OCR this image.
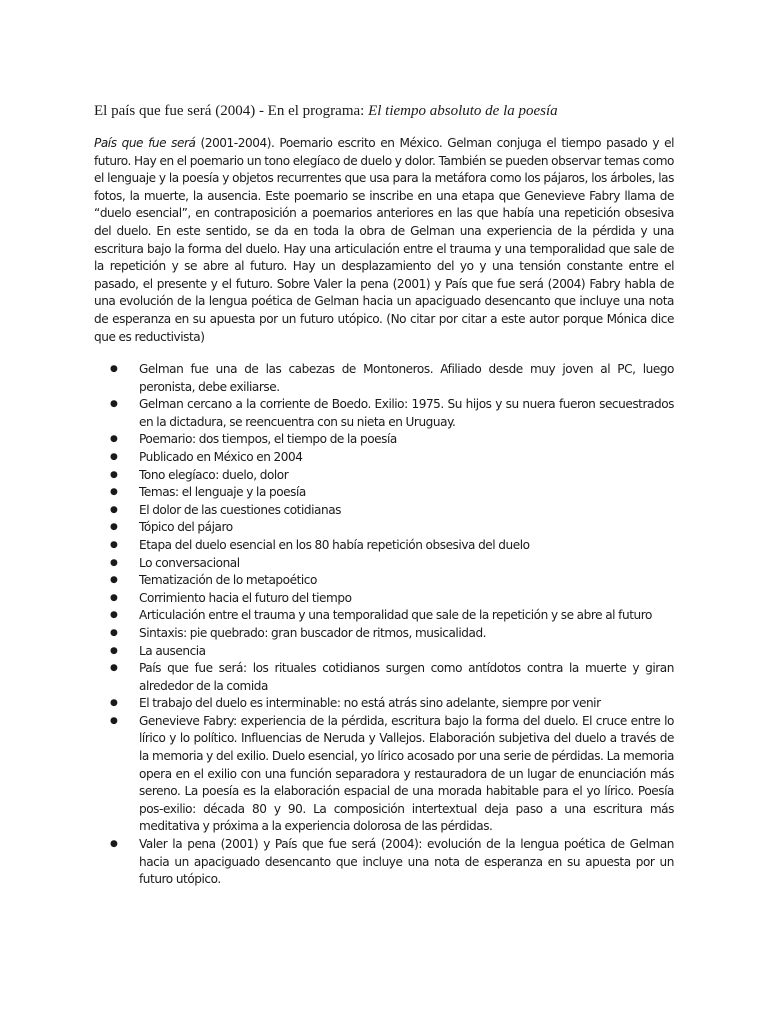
El país que fue será (2004) - En el programa: El tiempo absoluto de la poesía

País que fue será (2001-2004). Poemario escrito en México. Gelman conjuga el tiempo pasado y el futuro. Hay en el poemario un tono elegíaco de duelo y dolor. También se pueden observar temas como el lenguaje y la poesía y objetos recurrentes que usa para la metáfora como los pájaros, los árboles, las fotos, la muerte, la ausencia. Este poemario se inscribe en una etapa que Genevieve Fabry llama de “duelo esencial”, en contraposición a poemarios anteriores en las que había una repetición obsesiva del duelo. En este sentido, se da en toda la obra de Gelman una experiencia de la pérdida y una escritura bajo la forma del duelo. Hay una articulación entre el trauma y una temporalidad que sale de la repetición y se abre al futuro. Hay un desplazamiento del yo y una tensión constante entre el pasado, el presente y el futuro. Sobre Valer la pena (2001) y País que fue será (2004) Fabry habla de una evolución de la lengua poética de Gelman hacia un apaciguado desencanto que incluye una nota de esperanza en su apuesta por un futuro utópico. (No citar por citar a este autor porque Mónica dice que es reductivista)

● Gelman fue una de las cabezas de Montoneros. Afiliado desde muy joven al PC, luego peronista, debe exiliarse.
● Gelman cercano a la corriente de Boedo. Exilio: 1975. Su hijos y su nuera fueron secuestrados en la dictadura, se reencuentra con su nieta en Uruguay.
● Poemario: dos tiempos, el tiempo de la poesía
● Publicado en México en 2004
● Tono elegíaco: duelo, dolor
● Temas: el lenguaje y la poesía
● El dolor de las cuestiones cotidianas
● Tópico del pájaro
● Etapa del duelo esencial en los 80 había repetición obsesiva del duelo
● Lo conversacional
● Tematización de lo metapoético
● Corrimiento hacia el futuro del tiempo
● Articulación entre el trauma y una temporalidad que sale de la repetición y se abre al futuro
● Sintaxis: pie quebrado: gran buscador de ritmos, musicalidad.
● La ausencia
● País que fue será: los rituales cotidianos surgen como antídotos contra la muerte y giran alrededor de la comida
● El trabajo del duelo es interminable: no está atrás sino adelante, siempre por venir
● Genevieve Fabry: experiencia de la pérdida, escritura bajo la forma del duelo. El cruce entre lo lírico y lo político. Influencias de Neruda y Vallejos. Elaboración subjetiva del duelo a través de la memoria y del exilio. Duelo esencial, yo lírico acosado por una serie de pérdidas. La memoria opera en el exilio con una función separadora y restauradora de un lugar de enunciación más sereno. La poesía es la elaboración espacial de una morada habitable para el yo lírico. Poesía pos-exilio: década 80 y 90. La composición intertextual deja paso a una escritura más meditativa y próxima a la experiencia dolorosa de las pérdidas.
● Valer la pena (2001) y País que fue será (2004): evolución de la lengua poética de Gelman hacia un apaciguado desencanto que incluye una nota de esperanza en su apuesta por un futuro utópico.
